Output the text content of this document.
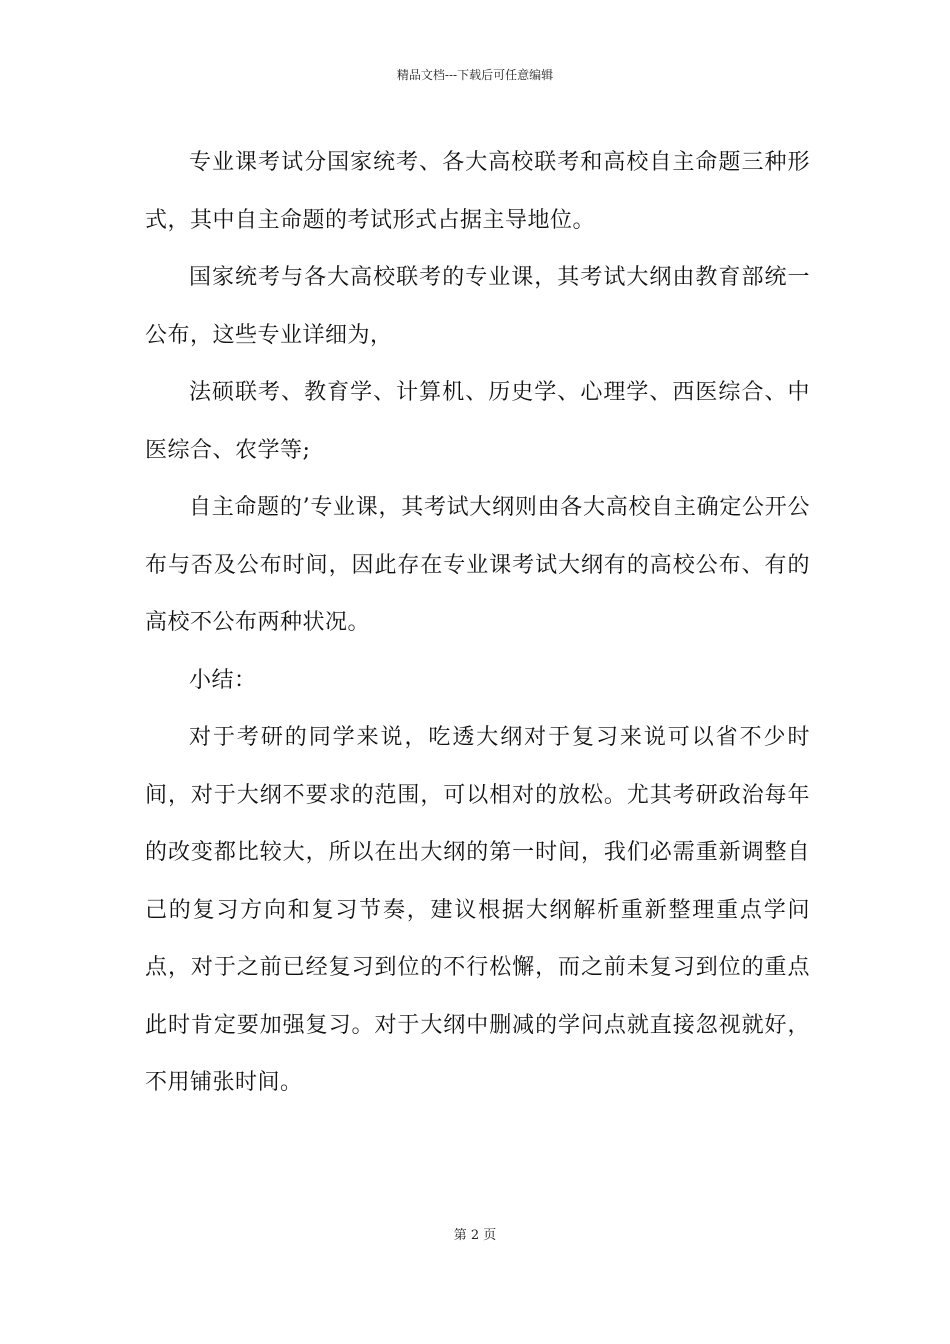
精品文档---下载后可任意编辑

专业课考试分国家统考、各大高校联考和高校自主命题三种形式，其中自主命题的考试形式占据主导地位。

国家统考与各大高校联考的专业课，其考试大纲由教育部统一公布，这些专业详细为，

法硕联考、教育学、计算机、历史学、心理学、西医综合、中医综合、农学等;

自主命题的’专业课，其考试大纲则由各大高校自主确定公开公布与否及公布时间，因此存在专业课考试大纲有的高校公布、有的高校不公布两种状况。

小结：

对于考研的同学来说，吃透大纲对于复习来说可以省不少时间，对于大纲不要求的范围，可以相对的放松。尤其考研政治每年的改变都比较大，所以在出大纲的第一时间，我们必需重新调整自己的复习方向和复习节奏，建议根据大纲解析重新整理重点学问点，对于之前已经复习到位的不行松懈，而之前未复习到位的重点此时肯定要加强复习。对于大纲中删减的学问点就直接忽视就好，不用铺张时间。

第 2 页
